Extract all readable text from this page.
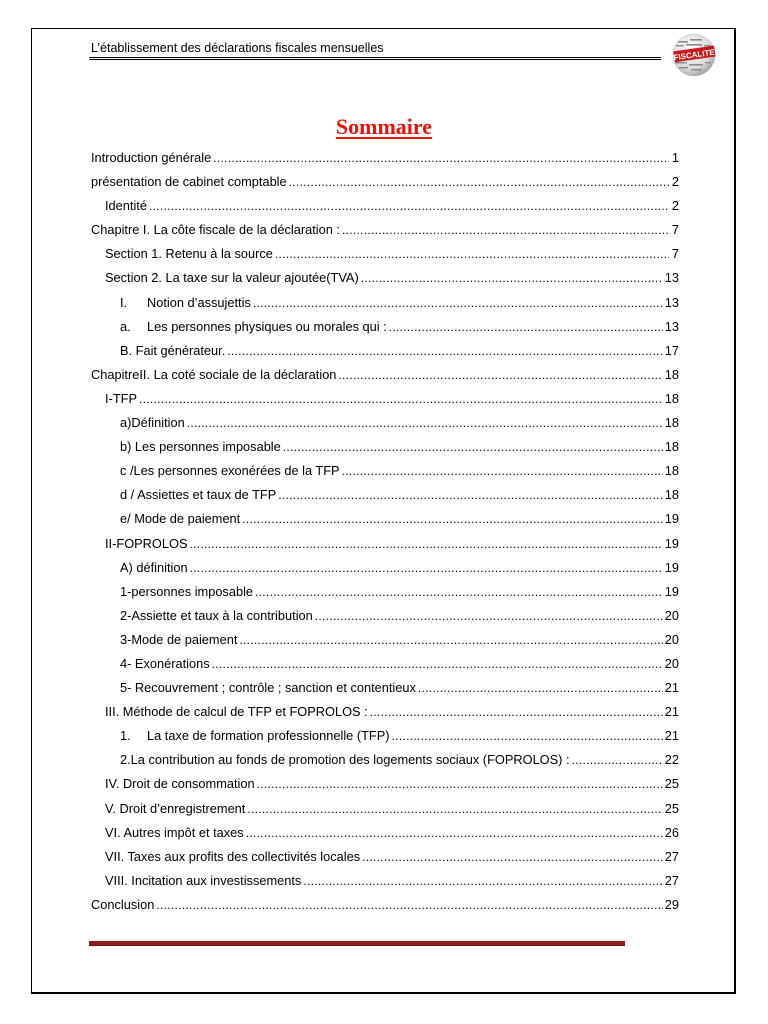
L’établissement des déclarations fiscales mensuelles	FISCALITE
Sommaire
Introduction générale .....	1
présentation de cabinet comptable .....	2
Identité .....	2
Chapitre I. La côte fiscale de la déclaration : .....	7
Section 1. Retenu à la source .....	7
Section 2. La taxe sur la valeur ajoutée(TVA) .....	13
I.	Notion d’assujettis .....	13
a.	Les personnes physiques ou morales qui : .....	13
B. Fait générateur. .....	17
ChapitreII. La coté sociale de la déclaration .....	18
I-TFP .....	18
a)Définition .....	18
b) Les personnes imposable .....	18
c /Les personnes exonérées de la TFP .....	18
d / Assiettes et taux de TFP .....	18
e/ Mode de paiement .....	19
II-FOPROLOS .....	19
A) définition .....	19
1-personnes imposable .....	19
2-Assiette et taux à la contribution .....	20
3-Mode de paiement .....	20
4- Exonérations .....	20
5- Recouvrement ; contrôle ; sanction et contentieux .....	21
III. Méthode de calcul de TFP et FOPROLOS : .....	21
1.	La taxe de formation professionnelle (TFP) .....	21
2.La contribution au fonds de promotion des logements sociaux (FOPROLOS) : .....	22
IV. Droit de consommation .....	25
V. Droit d’enregistrement .....	25
VI. Autres impôt et taxes .....	26
VII. Taxes aux profits des collectivités locales .....	27
VIII. Incitation aux investissements .....	27
Conclusion .....	29
